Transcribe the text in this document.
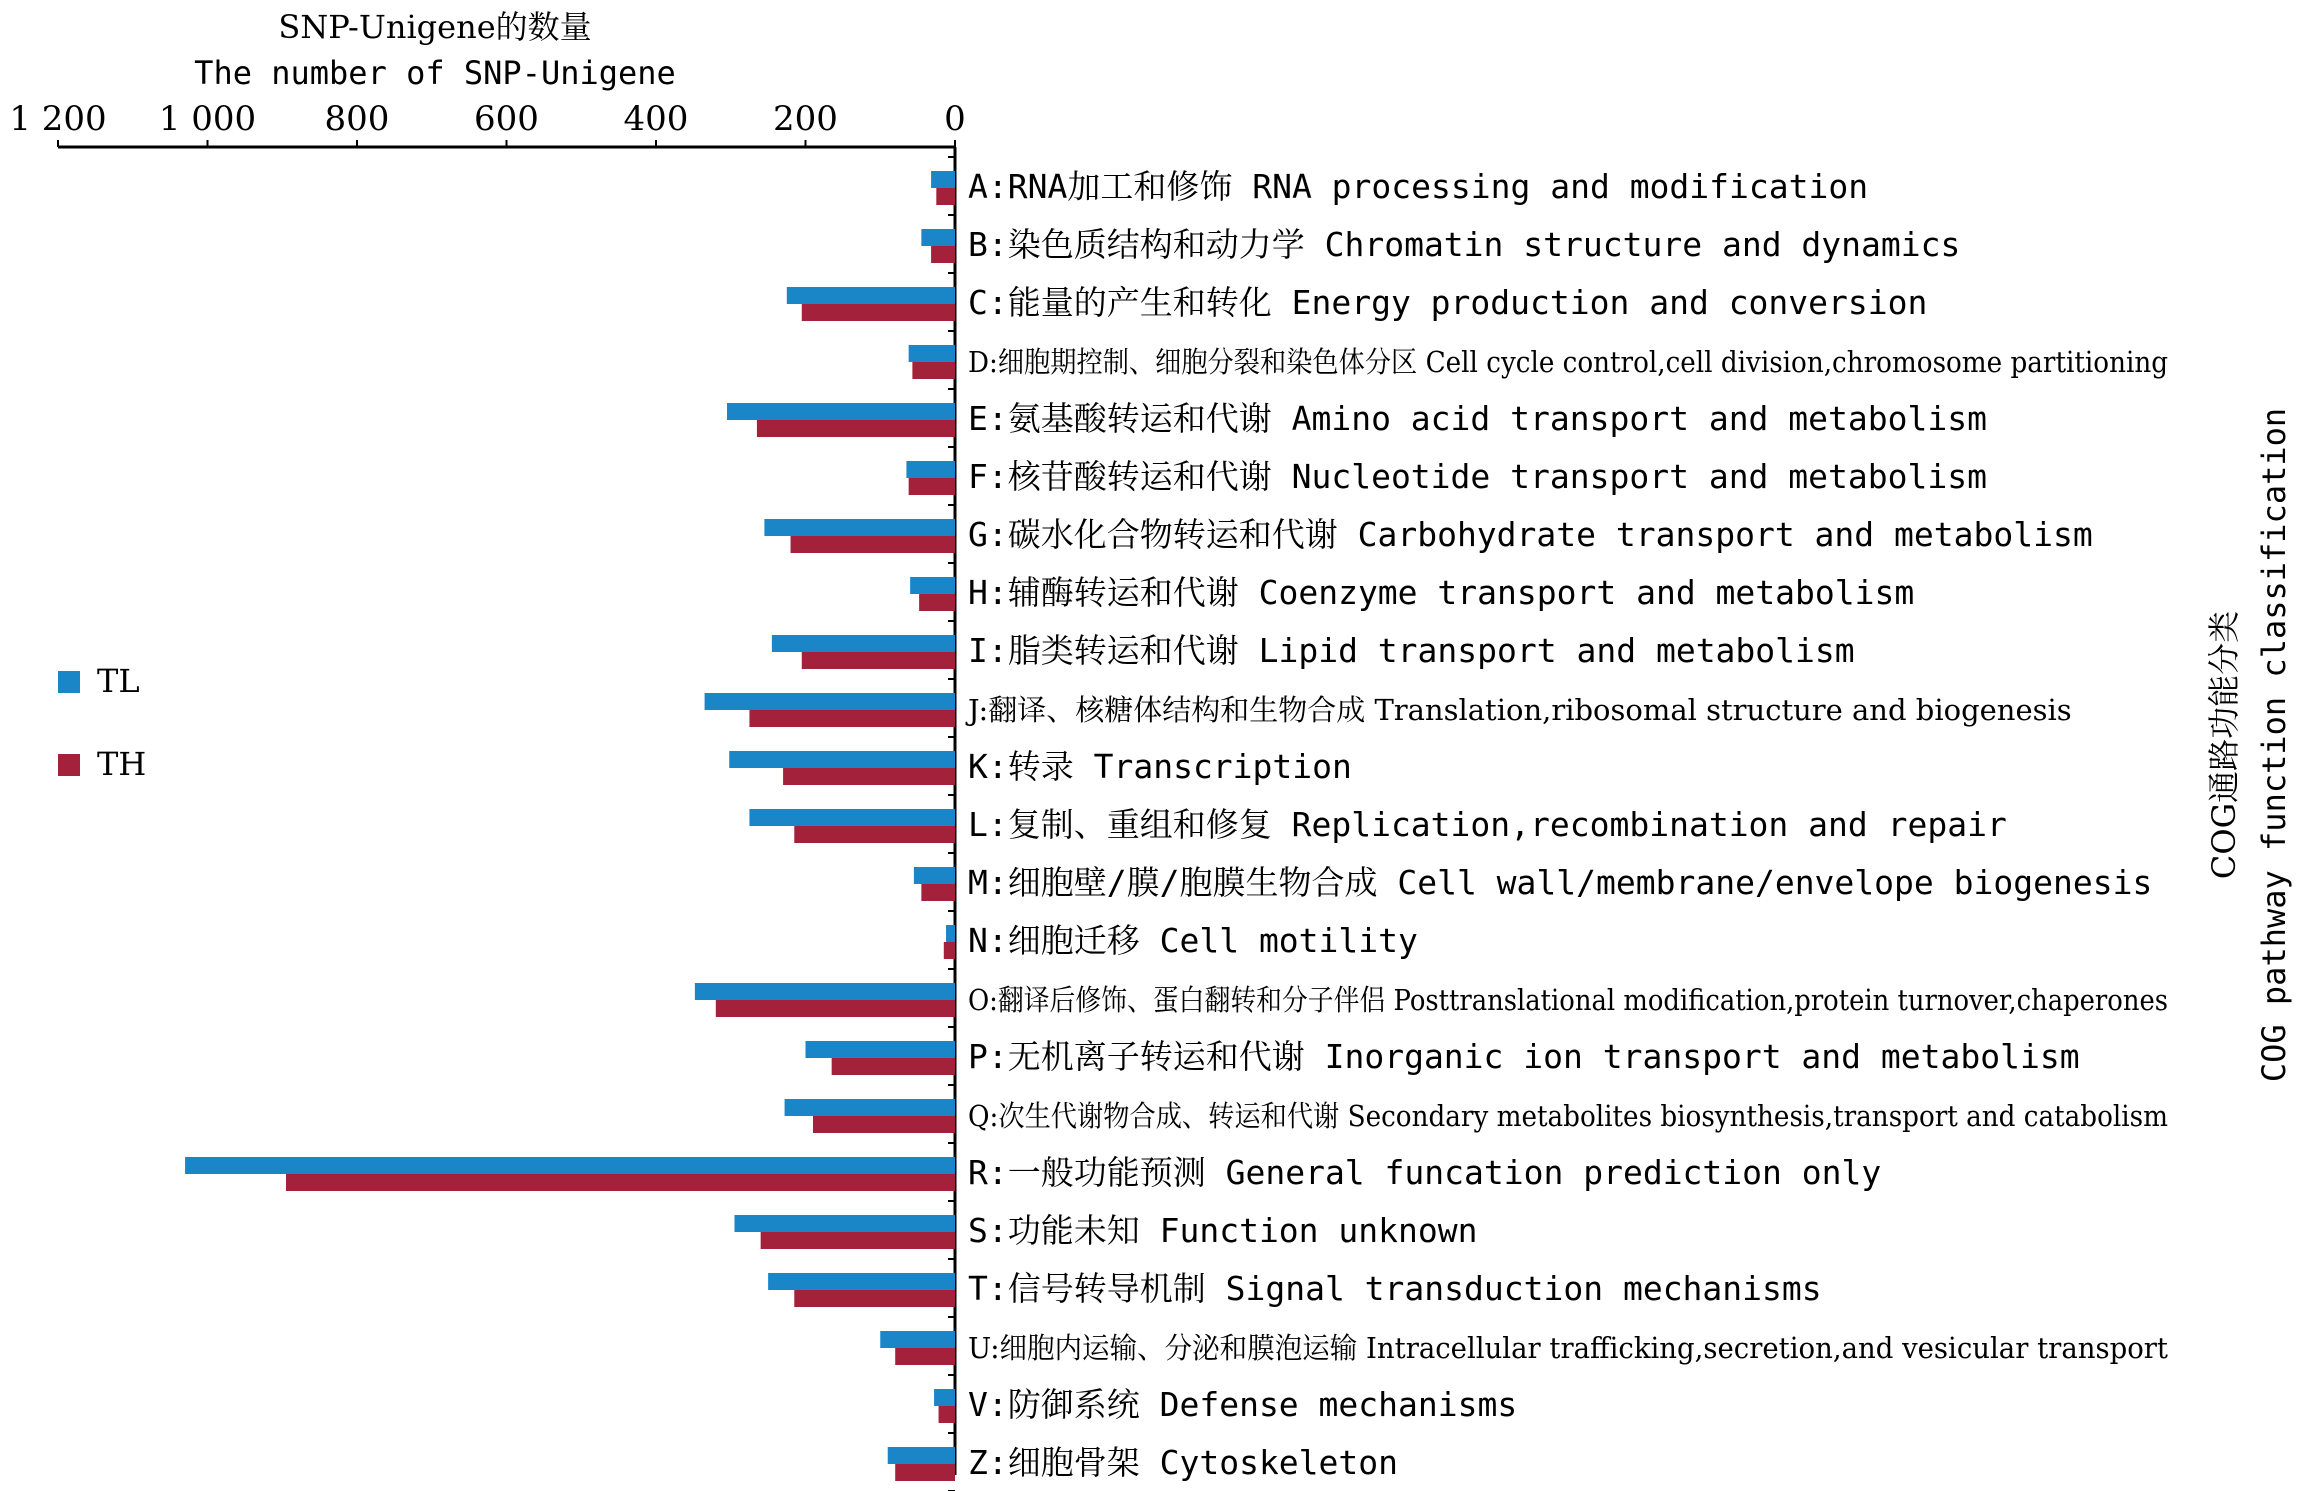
SNP-Unigene的数量
The number of SNP-Unigene
1 200 1 000 800 600 400 200	0
A:RNA加工和修饰 RNA processing and modification
B:染色质结构和动力学 Chromatin structure and dynamics
C:能量的产生和转化 Energy production and conversion
D:细胞期控制、细胞分裂和染色体分区 Cell cycle control,cell division,chromosome partitioning
E:氨基酸转运和代谢 Amino acid transport and metabolism
F:核苷酸转运和代谢 Nucleotide transport and metabolism
G:碳水化合物转运和代谢 Carbohydrate transport and metabolism
H:辅酶转运和代谢 Coenzyme transport and metabolism
I:脂类转运和代谢 Lipid transport and metabolism
J:翻译、核糖体结构和生物合成 Translation,ribosomal structure and biogenesis
K:转录 Transcription
L:复制、重组和修复 Replication,recombination and repair
M:细胞壁/膜/胞膜生物合成 Cell wall/membrane/envelope biogenesis
N:细胞迁移 Cell motility
O:翻译后修饰、蛋白翻转和分子伴侣 Posttranslational modification,protein turnover,chaperones
P:无机离子转运和代谢 Inorganic ion transport and metabolism
Q:次生代谢物合成、转运和代谢 Secondary metabolites biosynthesis,transport and catabolism
R:一般功能预测 General funcation prediction only
S:功能未知 Function unknown
T:信号转导机制 Signal transduction mechanisms
U:细胞内运输、分泌和膜泡运输 Intracellular trafficking,secretion,and vesicular transport
V:防御系统 Defense mechanisms
Z:细胞骨架 Cytoskeleton
TL
TH	COG通路功能分类 COG pathway function classification
